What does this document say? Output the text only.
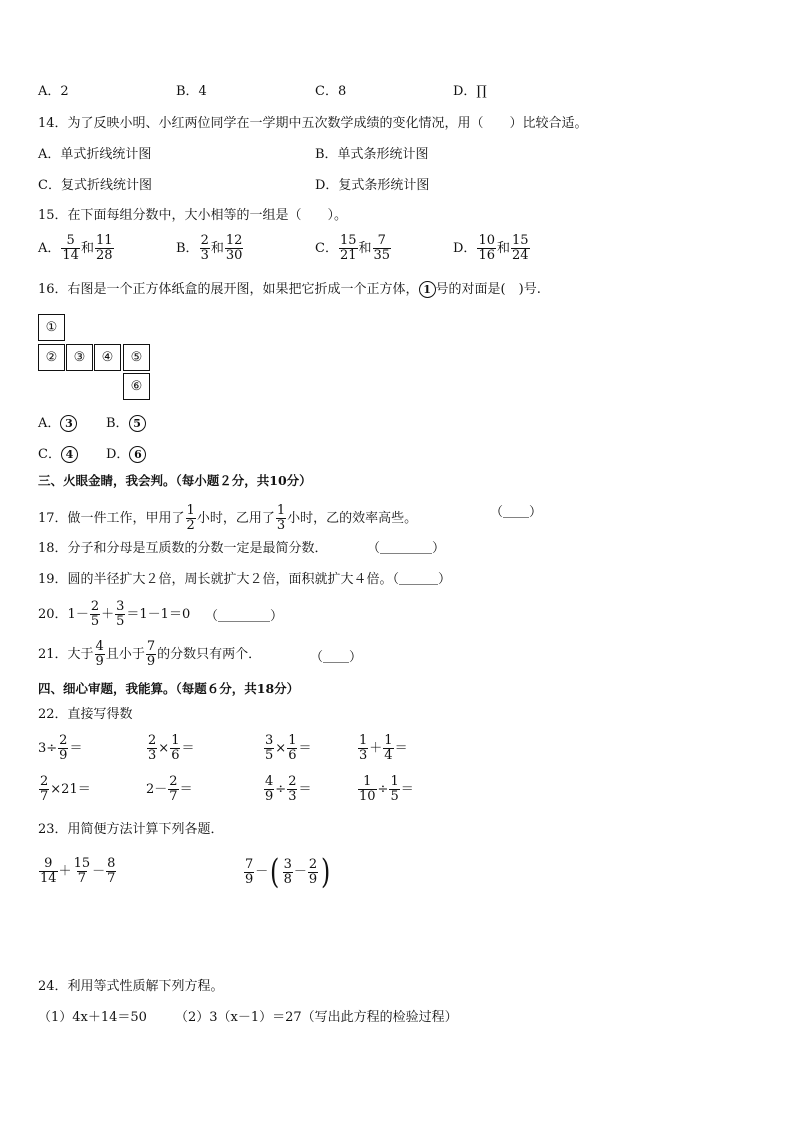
A．2	B．4	C．8	D．∏
14．为了反映小明、小红两位同学在一学期中五次数学成绩的变化情况，用（　　）比较合适。
A．单式折线统计图	B．单式条形统计图
C．复式折线统计图	D．复式条形统计图
15．在下面每组分数中，大小相等的一组是（　　）。
A． $\frac{5}{14}$ 和 $\frac{11}{28}$	B． $\frac{2}{3}$ 和 $\frac{12}{30}$	C． $\frac{15}{21}$ 和 $\frac{7}{35}$	D． $\frac{10}{16}$ 和 $\frac{15}{24}$
16．右图是一个正方体纸盒的展开图，如果把它折成一个正方体， 1 号的对面是(　)号.
①
② ③ ④ ⑤
⑥
A． 3	B． 5
C． 4	D． 6
三、火眼金睛，我会判。（每小题２分，共10分）
17．做一件工作，甲用了 $\frac{1}{2}$ 小时，乙用了 $\frac{1}{3}$ 小时，乙的效率高些。	（＿＿）
18．分子和分母是互质数的分数一定是最简分数．	（＿＿＿＿）
19．圆的半径扩大２倍，周长就扩大２倍，面积就扩大４倍。（＿＿＿）
20．$1- \frac{2}{5} + \frac{3}{5} =1-1=0$ （＿＿＿＿）
21．大于 $\frac{4}{9}$ 且小于 $\frac{7}{9}$ 的分数只有两个．	（＿＿）
四、细心审题，我能算。（每题６分，共18分）
22．直接写得数
$3\div \frac{2}{9}$ ＝	$\frac{2}{3} \times \frac{1}{6}$ ＝	$\frac{3}{5} \times \frac{1}{6}$ ＝	$\frac{1}{3} + \frac{1}{4}$ ＝
$\frac{2}{7} \times 21=$	$2- \frac{2}{7}$ ＝	$\frac{4}{9} \div \frac{2}{3}$ ＝	$\frac{1}{10} \div \frac{1}{5}$ ＝
23．用简便方法计算下列各题．
$\frac{9}{14} + \frac{15}{7} - \frac{8}{7}$	$\frac{7}{9}$ －( $\frac{3}{8} - \frac{2}{9}$ )
24．利用等式性质解下列方程。
（1）4x＋14＝50 （2）3（x－1）＝27（写出此方程的检验过程）
